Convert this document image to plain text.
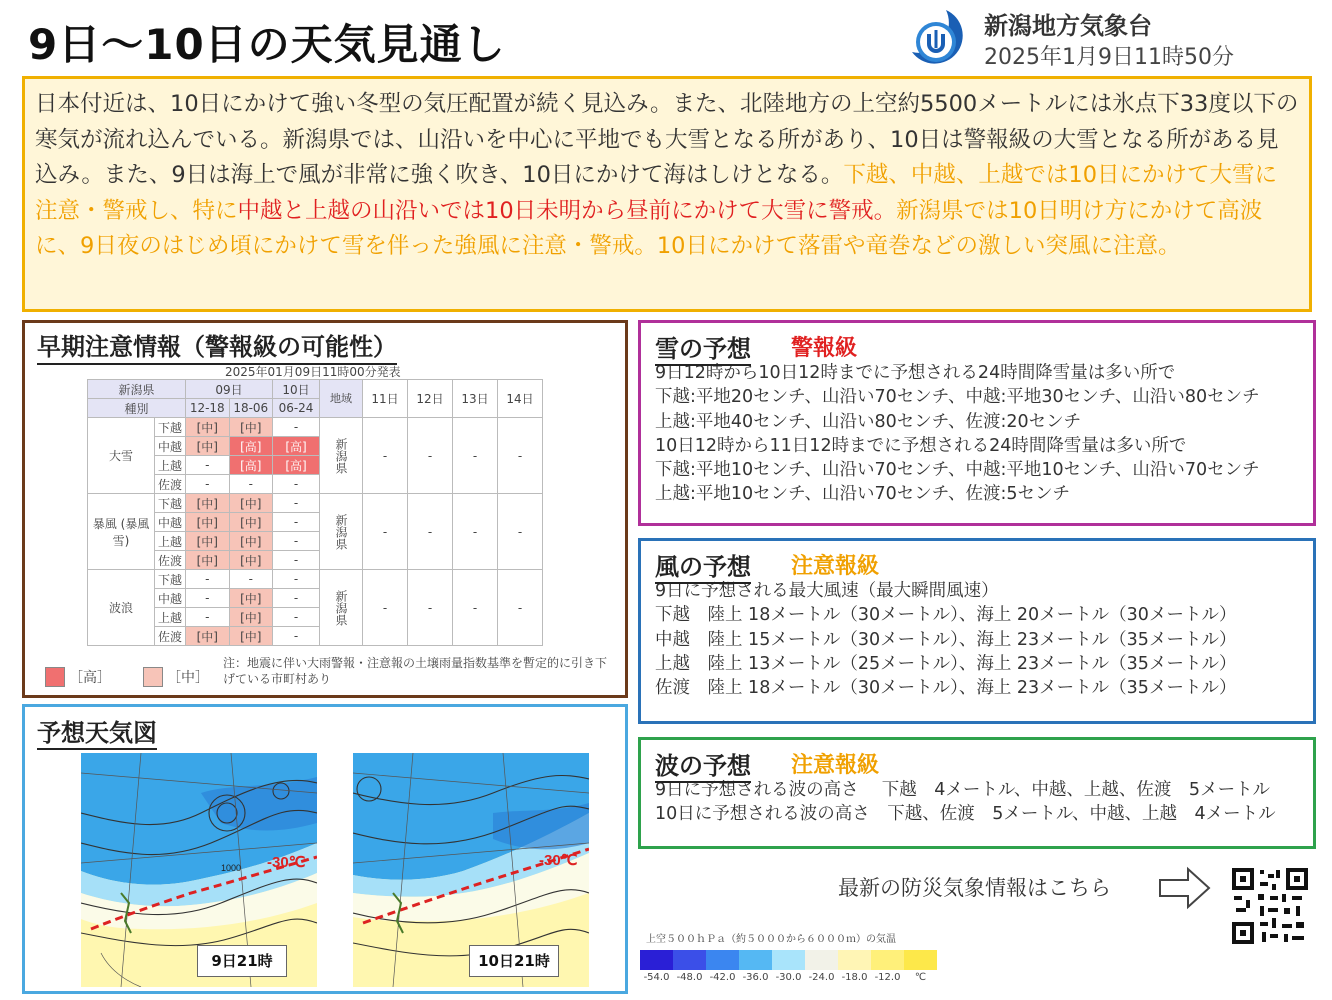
9日～10日の天気見通し	新潟地方気象台
2025年1月9日11時50分
日本付近は、10日にかけて強い冬型の気圧配置が続く見込み。また、北陸地方の上空約5500メートルには氷点下33度以下の寒気が流れ込んでいる。新潟県では、山沿いを中心に平地でも大雪となる所があり、10日は警報級の大雪となる所がある見込み。また、9日は海上で風が非常に強く吹き、10日にかけて海はしけとなる。下越、中越、上越では10日にかけて大雪に注意・警戒し、特に中越と上越の山沿いでは10日未明から昼前にかけて大雪に警戒。新潟県では10日明け方にかけて高波に、9日夜のはじめ頃にかけて雪を伴った強風に注意・警戒。10日にかけて落雷や竜巻などの激しい突風に注意。
早期注意情報（警報級の可能性）
2025年01月09日11時00分発表
新潟県		09日		10日	地域	11日	12日	13日	14日
種別		12-18	18-06	06-24					

大雪	下越	[中]	[中]	-	新潟県	-	-	-	-
	中越	[中]	[高]	[高]					
	上越	-	[高]	[高]					
	佐渡	-	-	-					

暴風 (暴風雪)	下越	[中]	[中]	-	新潟県	-	-	-	-
	中越	[中]	[中]	-					
	上越	[中]	[中]	-					
	佐渡	[中]	[中]	-					

波浪	下越	-	-	-	新潟県	-	-	-	-
	中越	-	[中]	-					
	上越	-	[中]	-					
	佐渡	[中]	[中]	-					
［高］	［中］
注：地震に伴い大雨警報・注意報の土壌雨量指数基準を暫定的に引き下げている市町村あり
予想天気図
-30℃
1000
9日21時
-30℃
10日21時
雪の予想 警報級
9日12時から10日12時までに予想される24時間降雪量は多い所で
下越:平地20センチ、山沿い70センチ、中越:平地30センチ、山沿い80センチ
上越:平地40センチ、山沿い80センチ、佐渡:20センチ
10日12時から11日12時までに予想される24時間降雪量は多い所で
下越:平地10センチ、山沿い70センチ、中越:平地10センチ、山沿い70センチ
上越:平地10センチ、山沿い70センチ、佐渡:5センチ
風の予想 注意報級
9日に予想される最大風速（最大瞬間風速）
下越　陸上 18メートル（30メートル）、海上 20メートル（30メートル）
中越　陸上 15メートル（30メートル）、海上 23メートル（35メートル）
上越　陸上 13メートル（25メートル）、海上 23メートル（35メートル）
佐渡　陸上 18メートル（30メートル）、海上 23メートル（35メートル）
波の予想 注意報級
9日に予想される波の高さ　 下越　4メートル、中越、上越、佐渡　5メートル
10日に予想される波の高さ　下越、佐渡　5メートル、中越、上越　4メートル
最新の防災気象情報はこちら
上空５００ｈＰａ（約５０００から６０００ｍ）の気温
-54.0 -48.0 -42.0 -36.0 -30.0 -24.0 -18.0 -12.0	℃
